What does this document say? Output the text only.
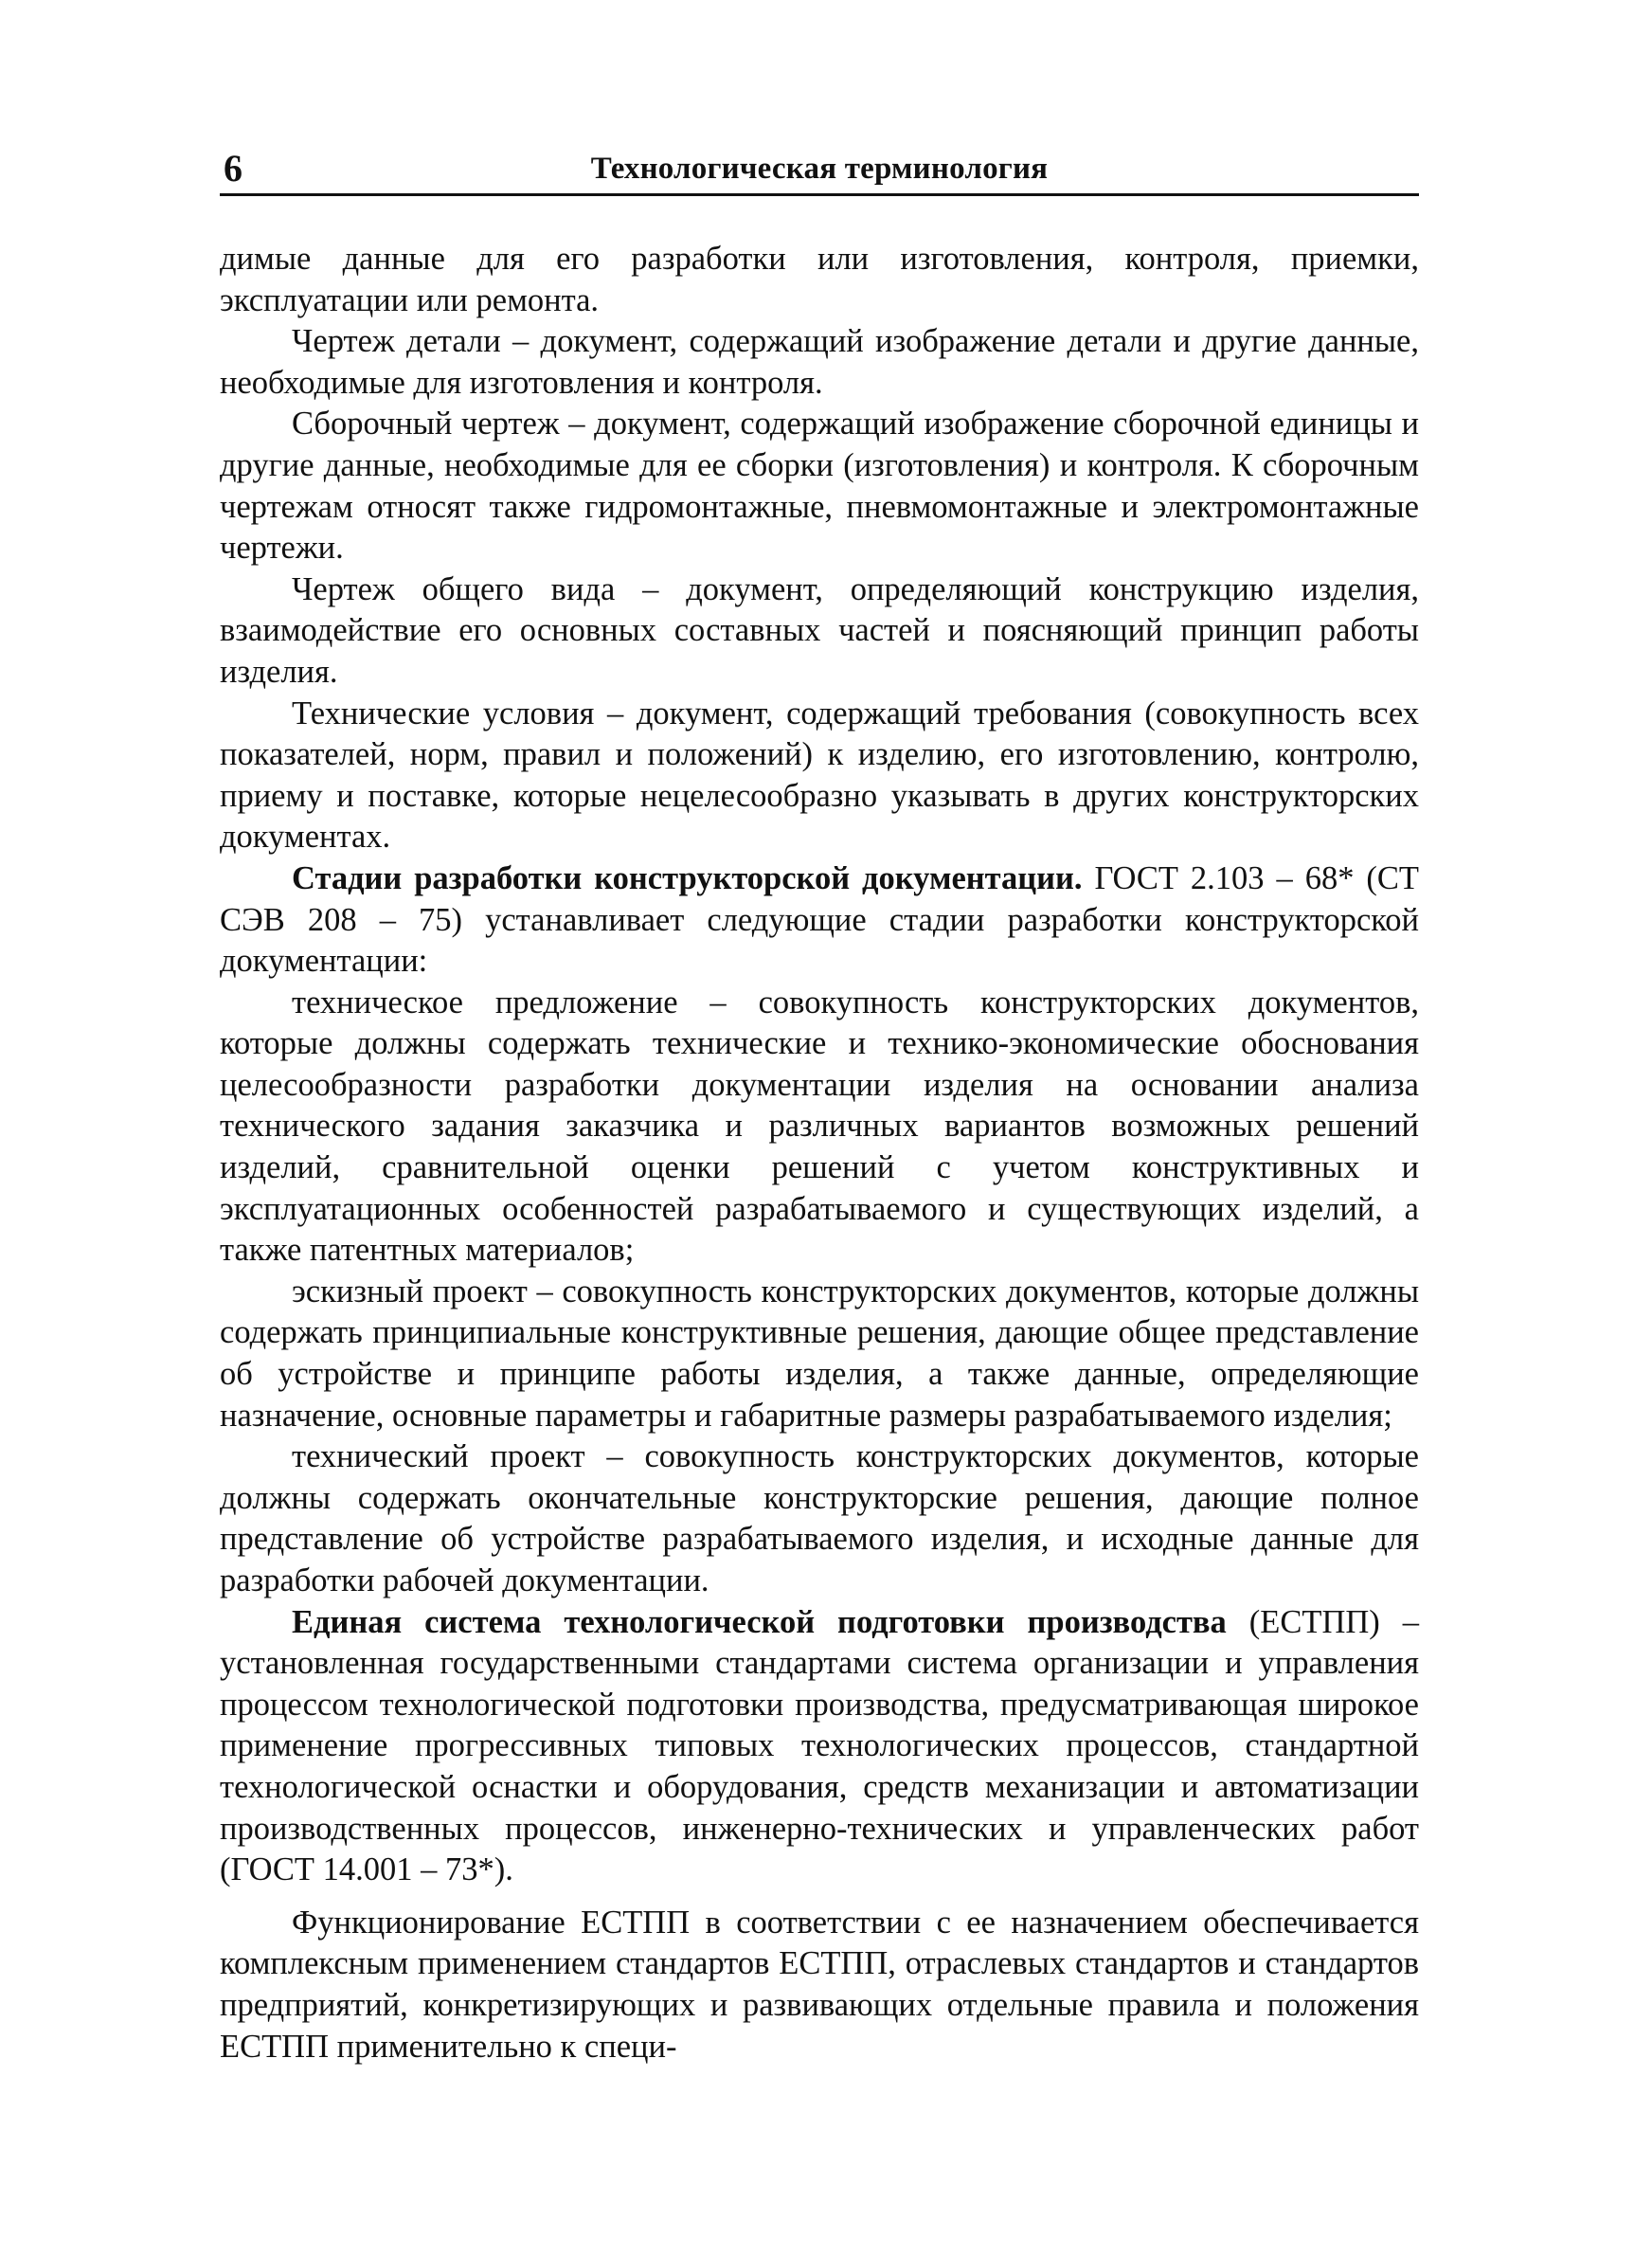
6	Технологическая терминология

димые данные для его разработки или изготовления, контроля, приемки, эксплуатации или ремонта.

Чертеж детали – документ, содержащий изображение детали и другие данные, необходимые для изготовления и контроля.

Сборочный чертеж – документ, содержащий изображение сборочной единицы и другие данные, необходимые для ее сборки (изготовления) и контроля. К сборочным чертежам относят также гидромонтажные, пневмомонтажные и электромонтажные чертежи.

Чертеж общего вида – документ, определяющий конструкцию изделия, взаимодействие его основных составных частей и поясняющий принцип работы изделия.

Технические условия – документ, содержащий требования (совокупность всех показателей, норм, правил и положений) к изделию, его изготовлению, контролю, приему и поставке, которые нецелесообразно указывать в других конструкторских документах.

Стадии разработки конструкторской документации. ГОСТ 2.103 – 68* (СТ СЭВ 208 – 75) устанавливает следующие стадии разработки конструкторской документации:

техническое предложение – совокупность конструкторских документов, которые должны содержать технические и технико-экономические обоснования целесообразности разработки документации изделия на основании анализа технического задания заказчика и различных вариантов возможных решений изделий, сравнительной оценки решений с учетом конструктивных и эксплуатационных особенностей разрабатываемого и существующих изделий, а также патентных материалов;

эскизный проект – совокупность конструкторских документов, которые должны содержать принципиальные конструктивные решения, дающие общее представление об устройстве и принципе работы изделия, а также данные, определяющие назначение, основные параметры и габаритные размеры разрабатываемого изделия;

технический проект – совокупность конструкторских документов, которые должны содержать окончательные конструкторские решения, дающие полное представление об устройстве разрабатываемого изделия, и исходные данные для разработки рабочей документации.

Единая система технологической подготовки производства (ЕСТПП) – установленная государственными стандартами система организации и управления процессом технологической подготовки производства, предусматривающая широкое применение прогрессивных типовых технологических процессов, стандартной технологической оснастки и оборудования, средств механизации и автоматизации производственных процессов, инженерно-технических и управленческих работ (ГОСТ 14.001 – 73*).

Функционирование ЕСТПП в соответствии с ее назначением обеспечивается комплексным применением стандартов ЕСТПП, отраслевых стандартов и стандартов предприятий, конкретизирующих и развивающих отдельные правила и положения ЕСТПП применительно к специ-
